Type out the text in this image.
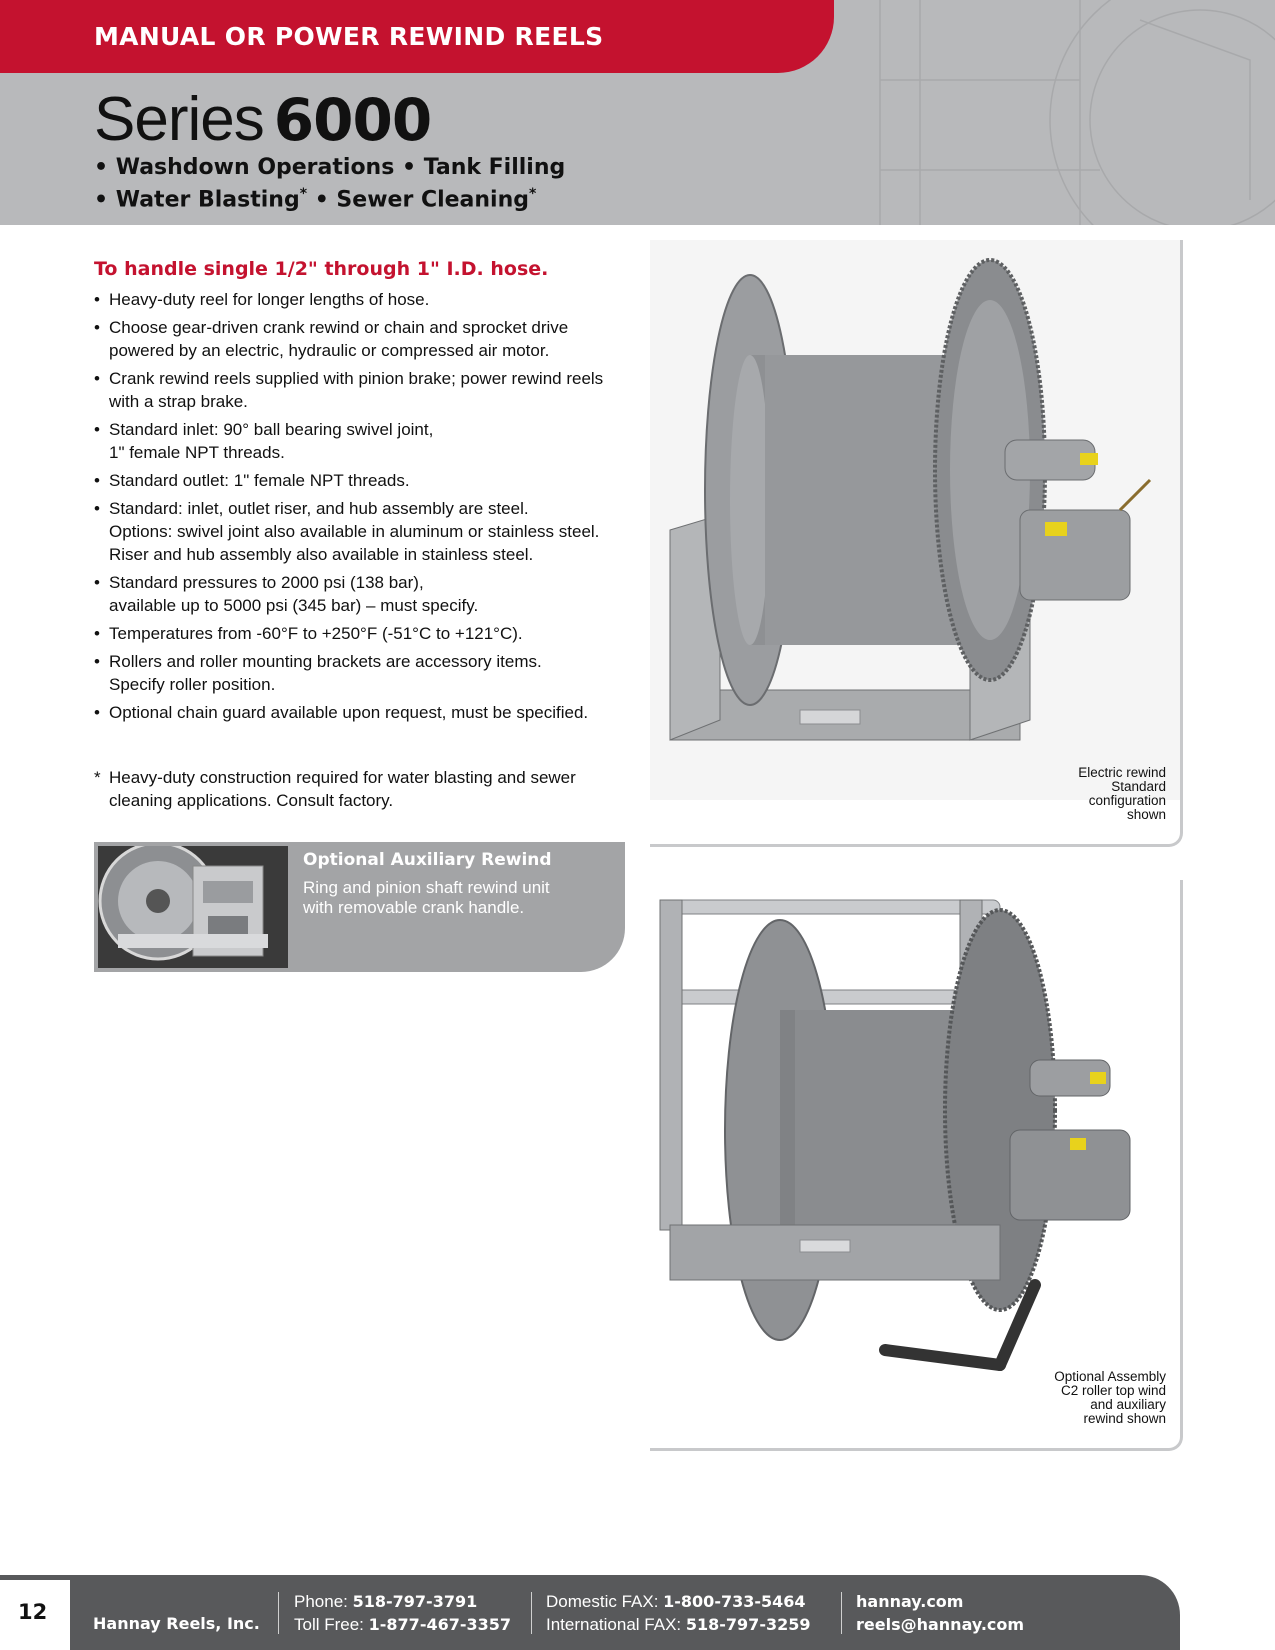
MANUAL OR POWER REWIND REELS
Series 6000
• Washdown Operations • Tank Filling
• Water Blasting* • Sewer Cleaning*
To handle single 1/2" through 1" I.D. hose.
• Heavy-duty reel for longer lengths of hose.
• Choose gear-driven crank rewind or chain and sprocket drive
powered by an electric, hydraulic or compressed air motor.
• Crank rewind reels supplied with pinion brake; power rewind reels
with a strap brake.
• Standard inlet: 90° ball bearing swivel joint,
1" female NPT threads.
• Standard outlet: 1" female NPT threads.
• Standard: inlet, outlet riser, and hub assembly are steel.
Options: swivel joint also available in aluminum or stainless steel.
Riser and hub assembly also available in stainless steel.
• Standard pressures to 2000 psi (138 bar),
available up to 5000 psi (345 bar) – must specify.
• Temperatures from -60°F to +250°F (-51°C to +121°C).
• Rollers and roller mounting brackets are accessory items.
Specify roller position.
• Optional chain guard available upon request, must be specified.
* Heavy-duty construction required for water blasting and sewer
cleaning applications. Consult factory.
Optional Auxiliary Rewind
Ring and pinion shaft rewind unit
with removable crank handle.
Electric rewind
Standard
configuration
shown
Optional Assembly
C2 roller top wind
and auxiliary
rewind shown
12	Hannay Reels, Inc.
Phone: 518-797-3791
Toll Free: 1-877-467-3357
Domestic FAX: 1-800-733-5464
International FAX: 518-797-3259
hannay.com
reels@hannay.com
